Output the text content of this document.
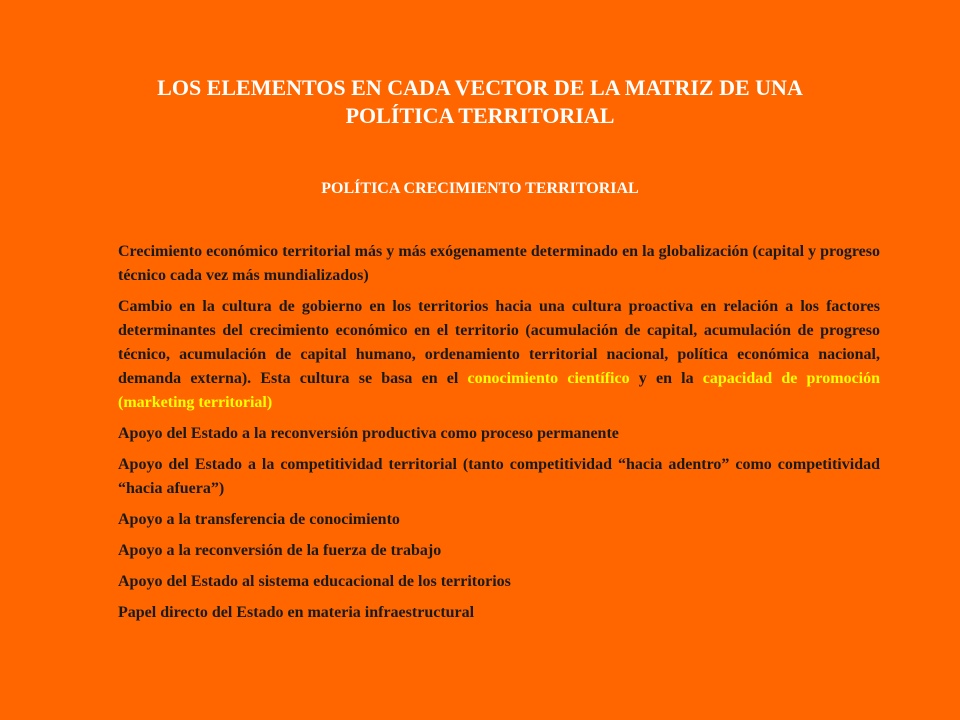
LOS ELEMENTOS EN CADA VECTOR DE LA MATRIZ DE UNA
POLÍTICA TERRITORIAL
POLÍTICA CRECIMIENTO TERRITORIAL

Crecimiento económico territorial más y más exógenamente determinado en la globalización (capital y progreso técnico cada vez más mundializados)

Cambio en la cultura de gobierno en los territorios hacia una cultura proactiva en relación a los factores determinantes del crecimiento económico en el territorio (acumulación de capital, acumulación de progreso técnico, acumulación de capital humano, ordenamiento territorial nacional, política económica nacional, demanda externa). Esta cultura se basa en el conocimiento científico y en la capacidad de promoción (marketing territorial)

Apoyo del Estado a la reconversión productiva como proceso permanente

Apoyo del Estado a la competitividad territorial (tanto competitividad “hacia adentro” como competitividad “hacia afuera”)

Apoyo a la transferencia de conocimiento

Apoyo a la reconversión de la fuerza de trabajo

Apoyo del Estado al sistema educacional de los territorios

Papel directo del Estado en materia infraestructural
